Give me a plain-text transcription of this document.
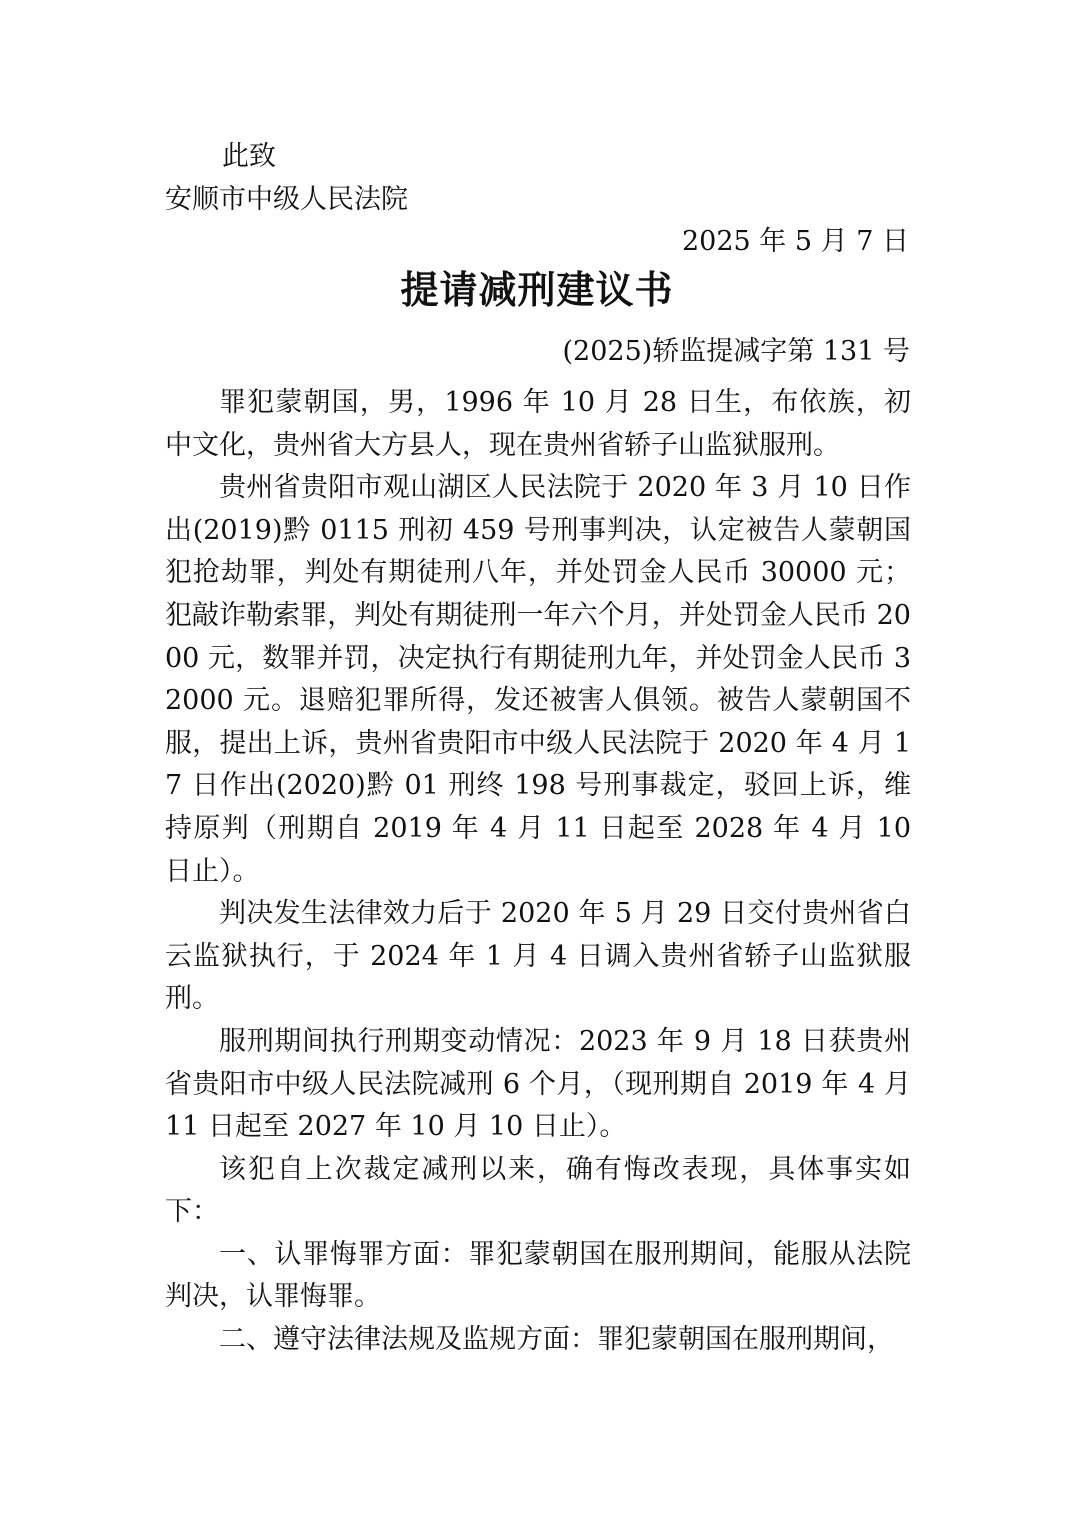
此致
安顺市中级人民法院
2025 年 5 月 7 日
提请减刑建议书
(2025)轿监提减字第 131 号

罪犯蒙朝国，男，1996 年 10 月 28 日生，布依族，初中文化，贵州省大方县人，现在贵州省轿子山监狱服刑。

贵州省贵阳市观山湖区人民法院于 2020 年 3 月 10 日作出(2019)黔 0115 刑初 459 号刑事判决，认定被告人蒙朝国犯抢劫罪，判处有期徒刑八年，并处罚金人民币 30000 元；犯敲诈勒索罪，判处有期徒刑一年六个月，并处罚金人民币 2000 元，数罪并罚，决定执行有期徒刑九年，并处罚金人民币 32000 元。退赔犯罪所得，发还被害人俱领。被告人蒙朝国不服，提出上诉，贵州省贵阳市中级人民法院于 2020 年 4 月 17 日作出(2020)黔 01 刑终 198 号刑事裁定，驳回上诉，维持原判（刑期自 2019 年 4 月 11 日起至 2028 年 4 月 10 日止）。

判决发生法律效力后于 2020 年 5 月 29 日交付贵州省白云监狱执行，于 2024 年 1 月 4 日调入贵州省轿子山监狱服刑。

服刑期间执行刑期变动情况：2023 年 9 月 18 日获贵州省贵阳市中级人民法院减刑 6 个月，（现刑期自 2019 年 4 月 11 日起至 2027 年 10 月 10 日止）。

该犯自上次裁定减刑以来，确有悔改表现，具体事实如下：

一、认罪悔罪方面：罪犯蒙朝国在服刑期间，能服从法院判决，认罪悔罪。

二、遵守法律法规及监规方面：罪犯蒙朝国在服刑期间，
